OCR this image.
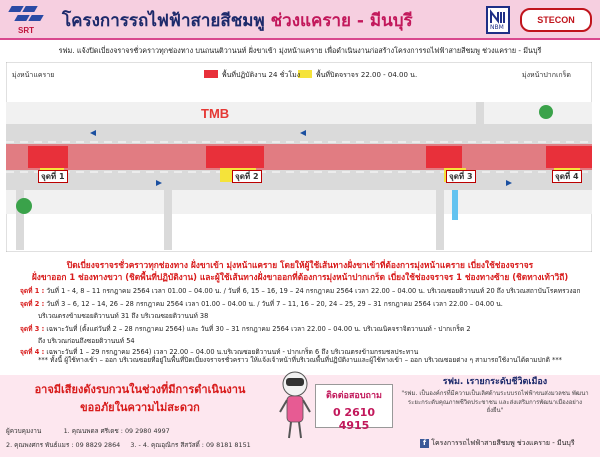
SRT โครงการรถไฟฟ้าสายสีชมพู ช่วงแคราย - มีนบุรี	NBM
STECON
รฟม. แจ้งปิดเบี่ยงจราจรชั่วคราวทุกช่องทาง บนถนนติวานนท์ ฝั่งขาเข้า มุ่งหน้าแคราย เพื่อดำเนินงานก่อสร้างโครงการรถไฟฟ้าสายสีชมพู ช่วงแคราย - มีนบุรี
มุ่งหน้าแคราย	มุ่งหน้าปากเกร็ด
พื้นที่ปฏิบัติงาน 24 ชั่วโมง พื้นที่ปิดจราจร 22.00 - 04.00 น.
TMB
จุดที่ 1	จุดที่ 2	จุดที่ 3	จุดที่ 4
ปิดเบี่ยงจราจรชั่วคราวทุกช่องทาง ฝั่งขาเข้า มุ่งหน้าแคราย โดยให้ผู้ใช้เส้นทางฝั่งขาเข้าที่ต้องการมุ่งหน้าแคราย เบี่ยงใช้ช่องจราจร
ฝั่งขาออก 1 ช่องทางขวา (ชิดพื้นที่ปฏิบัติงาน) และผู้ใช้เส้นทางฝั่งขาออกที่ต้องการมุ่งหน้าปากเกร็ด เบี่ยงใช้ช่องจราจร 1 ช่องทางซ้าย (ชิดทางเท้าวิถี)
จุดที่ 1 : วันที่ 1 - 4, 8 – 11 กรกฎาคม 2564 เวลา 01.00 – 04.00 น. / วันที่ 6, 15 – 16, 19 – 24 กรกฎาคม 2564 เวลา 22.00 – 04.00 น. บริเวณซอยติวานนท์ 20 ถึง บริเวณสถาบันโรคทรวงอก
จุดที่ 2 : วันที่ 3 – 6, 12 – 14, 26 – 28 กรกฎาคม 2564 เวลา 01.00 – 04.00 น. / วันที่ 7 – 11, 16 – 20, 24 – 25, 29 – 31 กรกฎาคม 2564 เวลา 22.00 – 04.00 น.
บริเวณตรงข้ามซอยติวานนท์ 31 ถึง บริเวณซอยติวานนท์ 38
จุดที่ 3 : เฉพาะวันที่ (ตั้งแต่วันที่ 2 – 28 กรกฎาคม 2564) และ วันที่ 30 – 31 กรกฎาคม 2564 เวลา 22.00 – 04.00 น. บริเวณนิคจราจิตวานนท์ - ปากเกร็ด 2
ถึง บริเวณก่อนถึงซอยติวานนท์ 54
จุดที่ 4 : เฉพาะวันที่ 1 – 29 กรกฎาคม 2564) เวลา 22.00 – 04.00 น.บริเวณซอยติวานนท์ - ปากเกร็ด 6 ถึง บริเวณตรงข้ามกรมชลประทาน
*** ทั้งนี้ ผู้ใช้ทางเข้า – ออก บริเวณซอยที่อยู่ในพื้นที่ปิดเบี่ยงจราจรชั่วคราว ให้แจ้งเจ้าหน้าที่บริเวณพื้นที่ปฏิบัติงานและผู้ใช้ทางเข้า – ออก บริเวณซอยต่าง ๆ สามารถใช้งานได้ตามปกติ ***
อาจมีเสียงดังรบกวนในช่วงที่มีการดำเนินงาน
ขออภัยในความไม่สะดวก
ติดต่อสอบถาม
0 2610 4915
รฟม. เรายกระดับชีวิตเมือง
"รฟม. เป็นองค์กรที่มีความเป็นเลิศด้านระบบรถไฟฟ้าขนส่งมวลชน พัฒนาระยะกระดับคุณภาพชีวิตประชาชน และส่งเสริมการพัฒนาเมืองอย่างยั่งยืน"
f โครงการรถไฟฟ้าสายสีชมพู ช่วงแคราย - มีนบุรี
ผู้ควบคุมงาน	1. คุณนพดล ศรีเดช : 09 2980 4997
2. คุณพงศกร พันธ์แมร : 09 8829 2864 3. - 4. คุณอุณิกร สีสวัสดิ์ : 09 8181 8151
